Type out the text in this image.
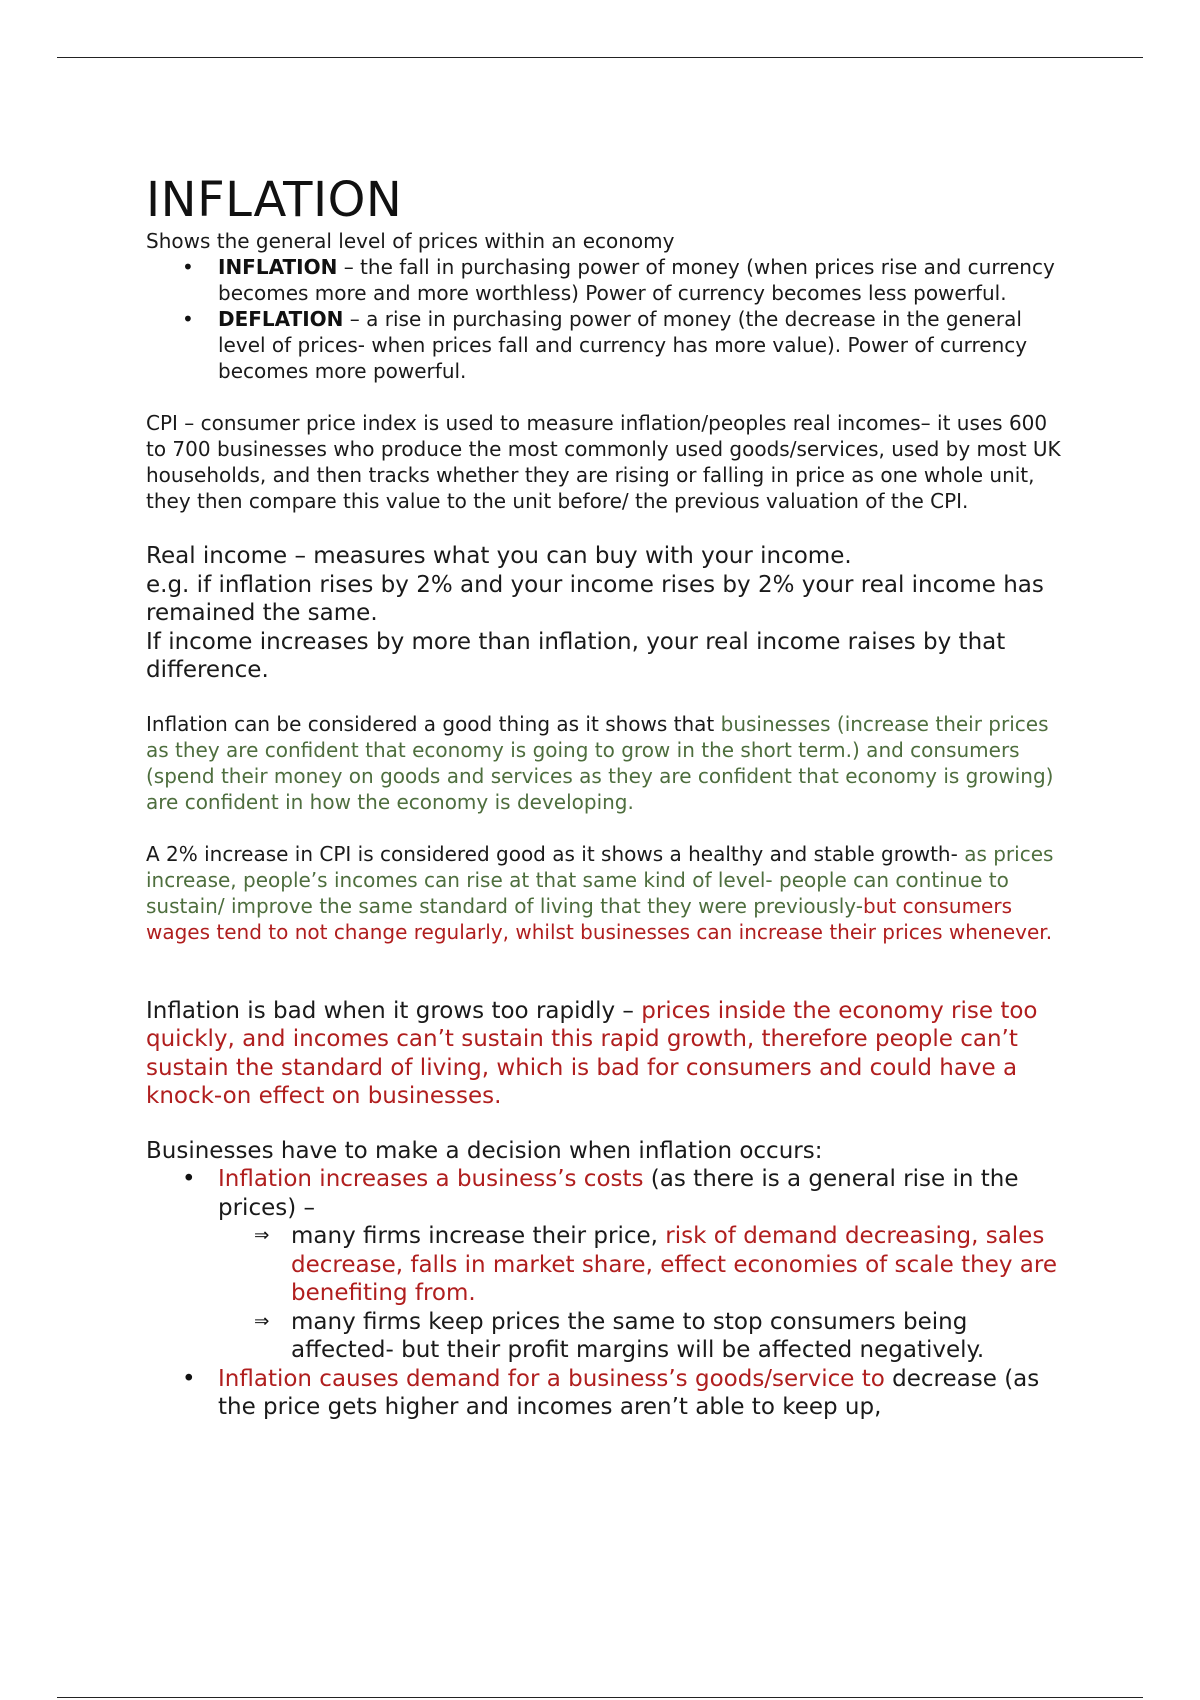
INFLATION

Shows the general level of prices within an economy

• INFLATION – the fall in purchasing power of money (when prices rise and currency becomes more and more worthless) Power of currency becomes less powerful.
• DEFLATION – a rise in purchasing power of money (the decrease in the general level of prices- when prices fall and currency has more value). Power of currency becomes more powerful.

CPI – consumer price index is used to measure inflation/peoples real incomes– it uses 600 to 700 businesses who produce the most commonly used goods/services, used by most UK households, and then tracks whether they are rising or falling in price as one whole unit, they then compare this value to the unit before/ the previous valuation of the CPI.

Real income – measures what you can buy with your income.

e.g. if inflation rises by 2% and your income rises by 2% your real income has remained the same.

If income increases by more than inflation, your real income raises by that difference.

Inflation can be considered a good thing as it shows that businesses (increase their prices as they are confident that economy is going to grow in the short term.) and consumers (spend their money on goods and services as they are confident that economy is growing) are confident in how the economy is developing.

A 2% increase in CPI is considered good as it shows a healthy and stable growth- as prices increase, people’s incomes can rise at that same kind of level- people can continue to sustain/ improve the same standard of living that they were previously-but consumers wages tend to not change regularly, whilst businesses can increase their prices whenever.

Inflation is bad when it grows too rapidly – prices inside the economy rise too quickly, and incomes can’t sustain this rapid growth, therefore people can’t sustain the standard of living, which is bad for consumers and could have a knock-on effect on businesses.

Businesses have to make a decision when inflation occurs:

• Inflation increases a business’s costs (as there is a general rise in the prices) –
⇒ many firms increase their price, risk of demand decreasing, sales decrease, falls in market share, effect economies of scale they are benefiting from.
⇒ many firms keep prices the same to stop consumers being affected- but their profit margins will be affected negatively.
• Inflation causes demand for a business’s goods/service to decrease (as the price gets higher and incomes aren’t able to keep up,
